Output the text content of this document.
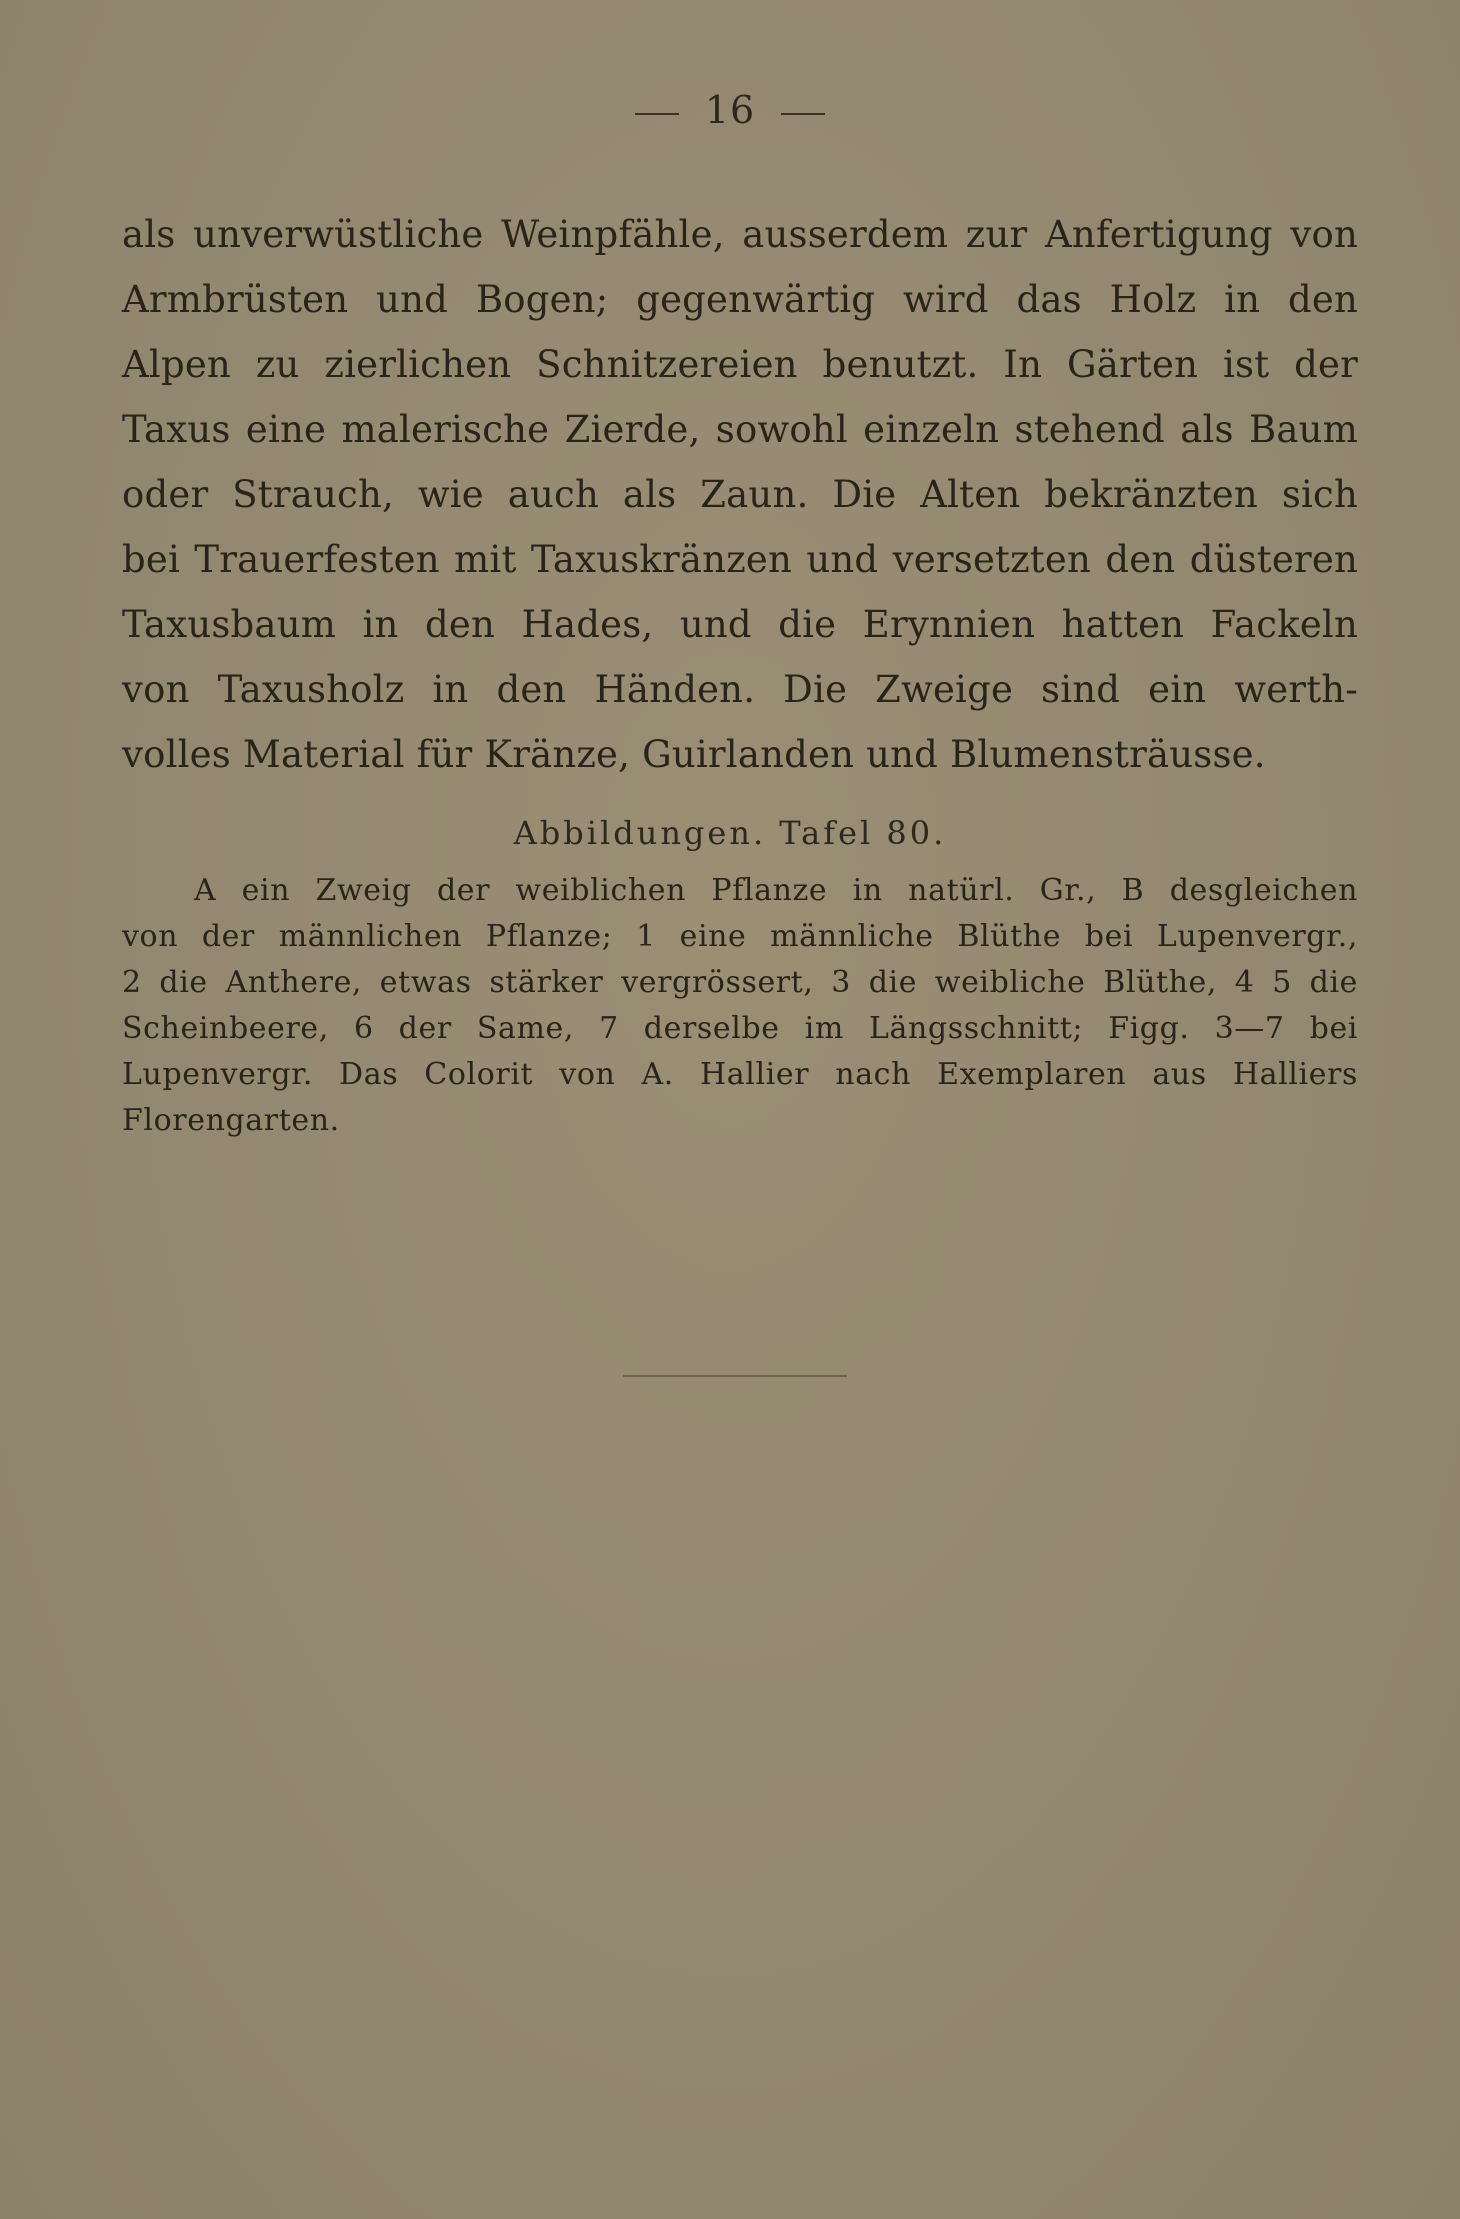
16
als unverwüstliche Weinpfähle, ausserdem zur Anfertigung von
Armbrüsten und Bogen; gegenwärtig wird das Holz in den
Alpen zu zierlichen Schnitzereien benutzt. In Gärten ist der
Taxus eine malerische Zierde, sowohl einzeln stehend als Baum
oder Strauch, wie auch als Zaun. Die Alten bekränzten sich
bei Trauerfesten mit Taxuskränzen und versetzten den düsteren
Taxusbaum in den Hades, und die Erynnien hatten Fackeln
von Taxusholz in den Händen. Die Zweige sind ein werth-
volles Material für Kränze, Guirlanden und Blumensträusse.
Abbildungen. Tafel 80.
A ein Zweig der weiblichen Pflanze in natürl. Gr., B desgleichen
von der männlichen Pflanze; 1 eine männliche Blüthe bei Lupenvergr.,
2 die Anthere, etwas stärker vergrössert, 3 die weibliche Blüthe, 4 5 die
Scheinbeere, 6 der Same, 7 derselbe im Längsschnitt; Figg. 3—7 bei
Lupenvergr. Das Colorit von A. Hallier nach Exemplaren aus Halliers
Florengarten.
